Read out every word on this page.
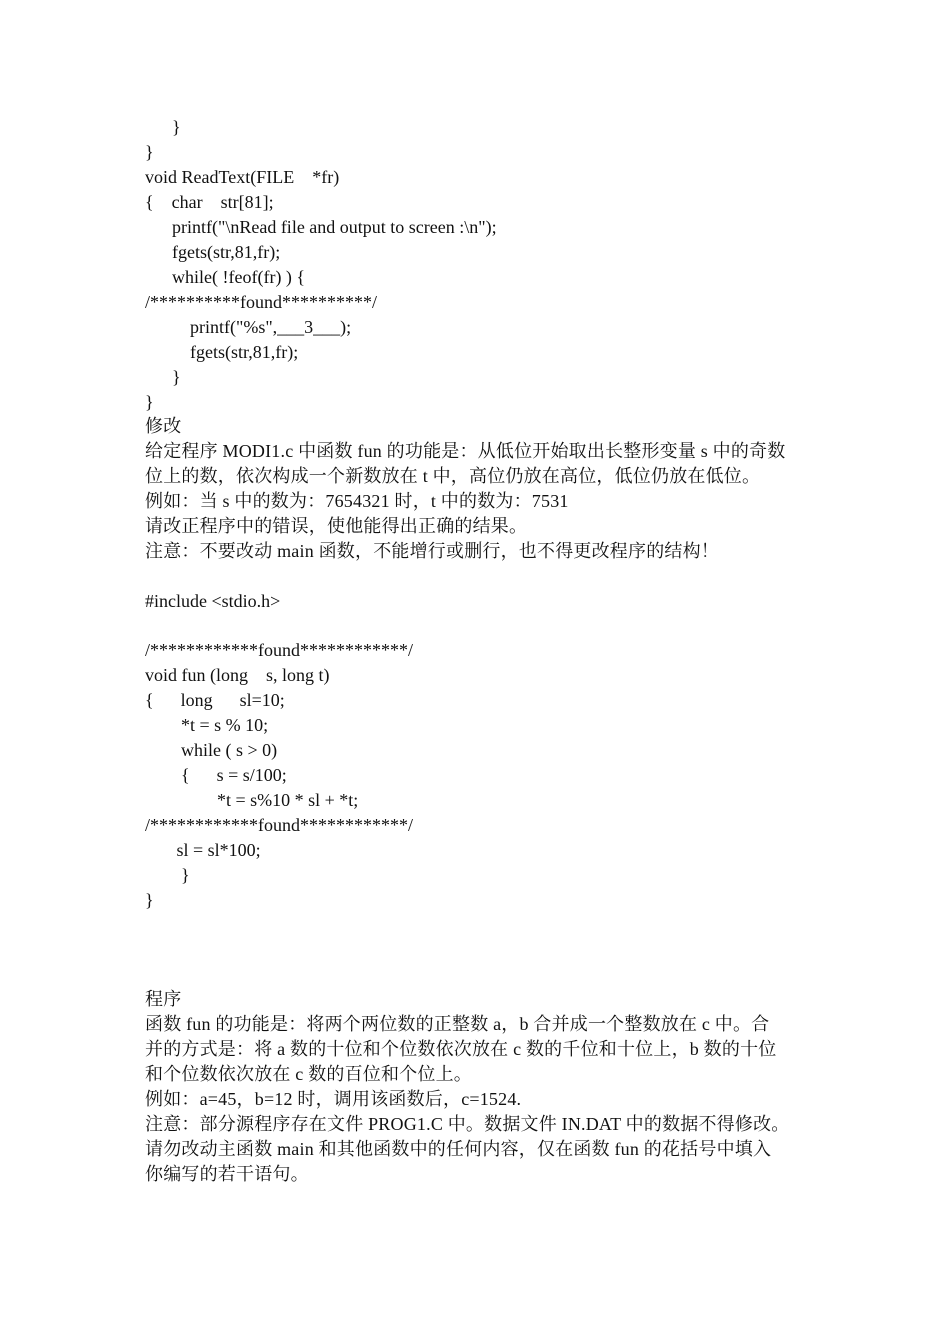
}

}

void ReadText(FILE    *fr)

{    char    str[81];

printf("\nRead file and output to screen :\n");

fgets(str,81,fr);

while( !feof(fr) ) {

/**********found**********/

printf("%s",___3___);

fgets(str,81,fr);

}

}

修改

给定程序 MODI1.c 中函数 fun 的功能是：从低位开始取出长整形变量 s 中的奇数

位上的数，依次构成一个新数放在 t 中，高位仍放在高位，低位仍放在低位。

例如：当 s 中的数为：7654321 时，t 中的数为：7531

请改正程序中的错误，使他能得出正确的结果。

注意：不要改动 main 函数，不能增行或删行，也不得更改程序的结构！

#include <stdio.h>

/************found************/

void fun (long    s, long t)

{      long      sl=10;

*t = s % 10;

while ( s > 0)

{      s = s/100;

*t = s%10 * sl + *t;

/************found************/

sl = sl*100;

}

}

程序

函数 fun 的功能是：将两个两位数的正整数 a，b 合并成一个整数放在 c 中。合

并的方式是：将 a 数的十位和个位数依次放在 c 数的千位和十位上，b 数的十位

和个位数依次放在 c 数的百位和个位上。

例如：a=45，b=12 时，调用该函数后，c=1524.

注意：部分源程序存在文件 PROG1.C 中。数据文件 IN.DAT 中的数据不得修改。

请勿改动主函数 main 和其他函数中的任何内容，仅在函数 fun 的花括号中填入

你编写的若干语句。
